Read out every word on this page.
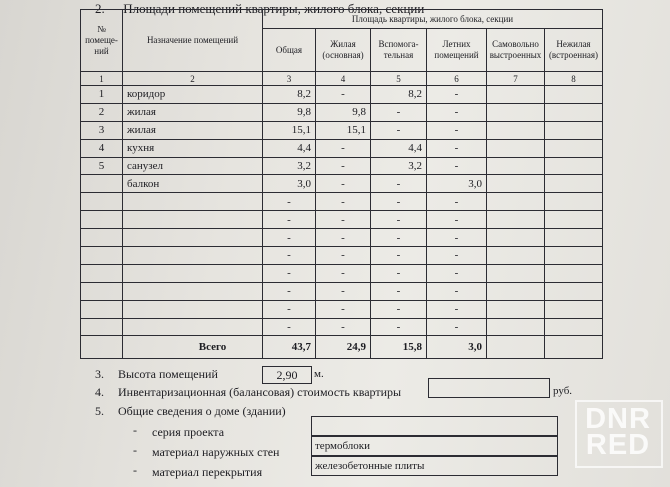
2. Площади помещений квартиры, жилого блока, секции
№ помеще-ний	Назначение помещений	Площадь квартиры, жилого блока, секции					
		Общая	Жилая (основная)	Вспомога-тельная	Летних помещений	Самовольно выстроенных	Нежилая (встроенная)
1	2	3	4	5	6	7	8
1	коридор	8,2	-	8,2	-		
2	жилая	9,8	9,8	-	-		
3	жилая	15,1	15,1	-	-		
4	кухня	4,4	-	4,4	-		
5	санузел	3,2	-	3,2	-		
	балкон	3,0	-	-	3,0		
		-	-	-	-		
		-	-	-	-		
		-	-	-	-		
		-	-	-	-		
		-	-	-	-		
		-	-	-	-		
		-	-	-	-		
		-	-	-	-		
	Всего	43,7	24,9	15,8	3,0		
3. Высота помещений	2,90	м.
4. Инвентаризационная (балансовая) стоимость квартиры	руб.
5. Общие сведения о доме (здании)
- серия проекта
- материал наружных стен	термоблоки
- материал перекрытия	железобетонные плиты
DNR
RED
